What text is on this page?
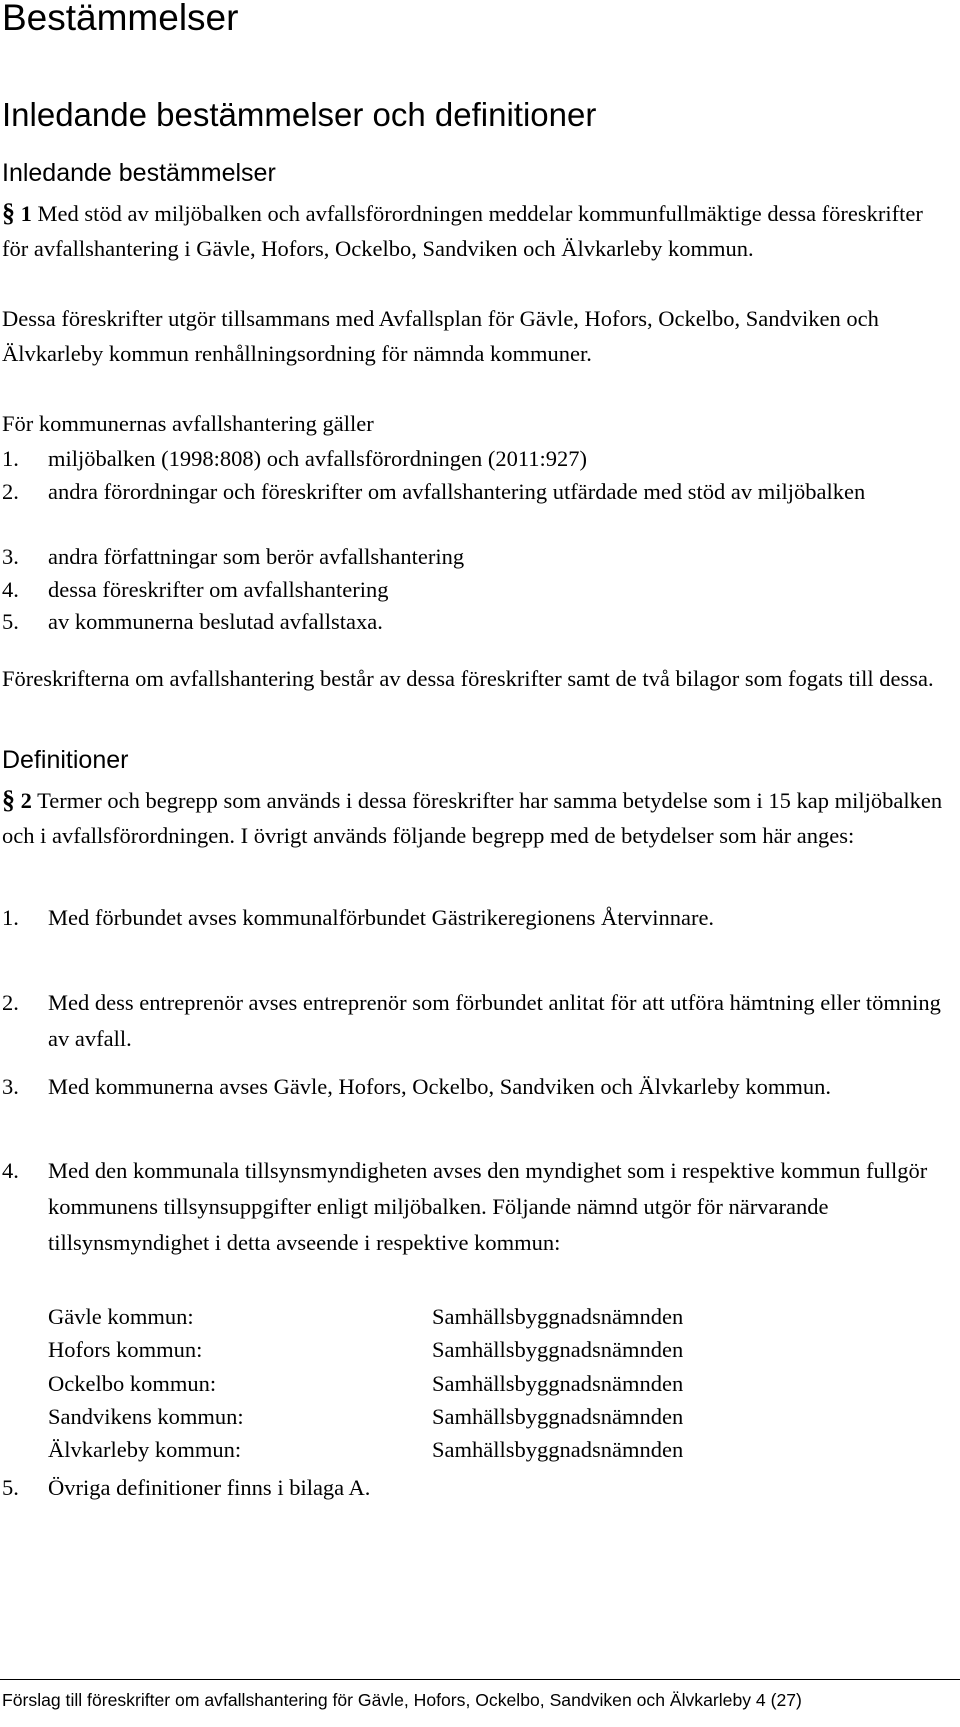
Bestämmelser
Inledande bestämmelser och definitioner
Inledande bestämmelser

§ 1 Med stöd av miljöbalken och avfallsförordningen meddelar kommunfullmäktige dessa föreskrifter för avfallshantering i Gävle, Hofors, Ockelbo, Sandviken och Älvkarleby kommun.

Dessa föreskrifter utgör tillsammans med Avfallsplan för Gävle, Hofors, Ockelbo, Sandviken och Älvkarleby kommun renhållningsordning för nämnda kommuner.

För kommunernas avfallshantering gäller

1. miljöbalken (1998:808) och avfallsförordningen (2011:927)
2. andra förordningar och föreskrifter om avfallshantering utfärdade med stöd av miljöbalken
3. andra författningar som berör avfallshantering
4. dessa föreskrifter om avfallshantering
5. av kommunerna beslutad avfallstaxa.

Föreskrifterna om avfallshantering består av dessa föreskrifter samt de två bilagor som fogats till dessa.

Definitioner

§ 2 Termer och begrepp som används i dessa föreskrifter har samma betydelse som i 15 kap miljöbalken och i avfallsförordningen. I övrigt används följande begrepp med de betydelser som här anges:

1. Med förbundet avses kommunalförbundet Gästrikeregionens Återvinnare.
2. Med dess entreprenör avses entreprenör som förbundet anlitat för att utföra hämtning eller tömning av avfall.
3. Med kommunerna avses Gävle, Hofors, Ockelbo, Sandviken och Älvkarleby kommun.
4. Med den kommunala tillsynsmyndigheten avses den myndighet som i respektive kommun fullgör kommunens tillsynsuppgifter enligt miljöbalken. Följande nämnd utgör för närvarande tillsynsmyndighet i detta avseende i respektive kommun:
Gävle kommun:	Samhällsbyggnadsnämnden
Hofors kommun:	Samhällsbyggnadsnämnden
Ockelbo kommun:	Samhällsbyggnadsnämnden
Sandvikens kommun:	Samhällsbyggnadsnämnden
Älvkarleby kommun:	Samhällsbyggnadsnämnden
5. Övriga definitioner finns i bilaga A.
Förslag till föreskrifter om avfallshantering för Gävle, Hofors, Ockelbo, Sandviken och Älvkarleby 4 (27)
